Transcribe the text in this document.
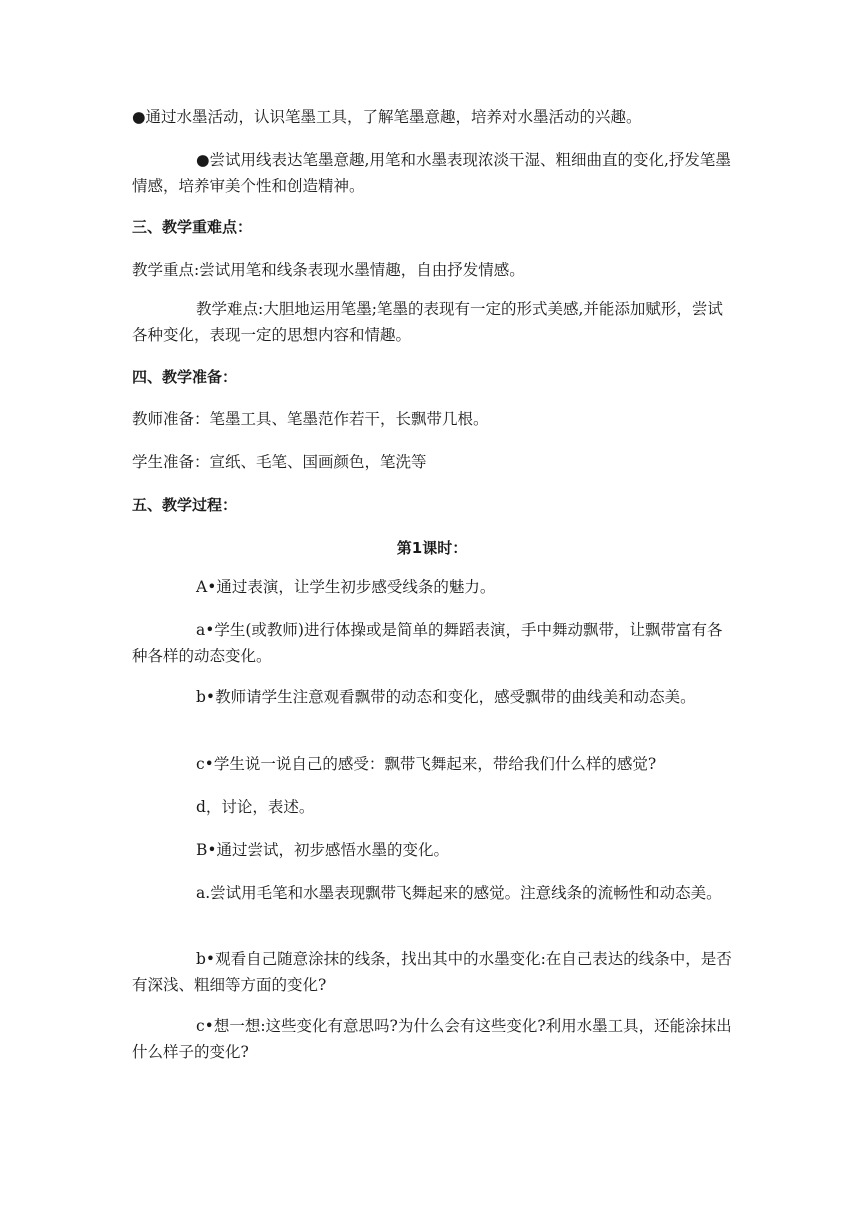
●通过水墨活动，认识笔墨工具，了解笔墨意趣，培养对水墨活动的兴趣。

●尝试用线表达笔墨意趣,用笔和水墨表现浓淡干湿、粗细曲直的变化,抒发笔墨情感，培养审美个性和创造精神。

三、教学重难点：

教学重点:尝试用笔和线条表现水墨情趣，自由抒发情感。

教学难点:大胆地运用笔墨;笔墨的表现有一定的形式美感,并能添加赋形，尝试各种变化，表现一定的思想内容和情趣。

四、教学准备：

教师准备：笔墨工具、笔墨范作若干，长飘带几根。

学生准备：宣纸、毛笔、国画颜色，笔洗等

五、教学过程：

第1课时：

A•通过表演，让学生初步感受线条的魅力。

a•学生(或教师)进行体操或是简单的舞蹈表演，手中舞动飘带，让飘带富有各种各样的动态变化。

b•教师请学生注意观看飘带的动态和变化，感受飘带的曲线美和动态美。

c•学生说一说自己的感受：飘带飞舞起来，带给我们什么样的感觉?

d，讨论，表述。

B•通过尝试，初步感悟水墨的变化。

a.尝试用毛笔和水墨表现飘带飞舞起来的感觉。注意线条的流畅性和动态美。

b•观看自己随意涂抹的线条，找出其中的水墨变化:在自己表达的线条中，是否有深浅、粗细等方面的变化?

c•想一想:这些变化有意思吗?为什么会有这些变化?利用水墨工具，还能涂抹出什么样子的变化?
